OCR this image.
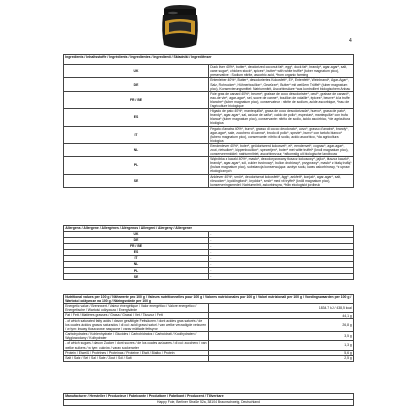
4
Ingredients / Inhaltsstoffe / Ingrédients / Ingredientes / Ingredienti / Składniki / Ingrediënser	
UK	Duck liver 40%*, butter*, deodorized coconut fat*, egg*, duck fat*, brandy*, agar-agar*, salt, cane sugar*, chicken stock*, spices*, butter* with white truffle* (tuber magnatum pico), preservative : Sodium nitrite, ascorbic acid, *from organic farming
DE	Entenleber 40%*, Butter*, desodoriertes Kokosfett*, Ei*, Entenfett*, Weinbrand*, Agar-Agar*, Salz, Rohrucker*, Hühnerbouillon*, Gewürze*, Butter* mit weißem Trüffel* (tuber magnatum pico), Konservierungsmittel: Natriumnitrit, Ascorbinsäure *aus kontrolliert biologischem Anbau
FR / BE	Foie gras de canard 40%*, beurre*, graisse de coco désodorisée*, oeuf*, graisse de canard*, eau-de vie*, agar-agar*, sel, sucre de canne*, bouillon de volaille*, épices*, beurre* à la truffe blanche* (tuber magnatum pico), conservateur : nitrite de sodium, acide ascorbique, *issu de l'agriculture biologique
ES	Hígado de pato 40%*, mantequilla*, grasa de coco desodorizada*, huevo*, grasa de pato*, brandy*, agar-agar*, sal, azúcar de caña*, caldo de pollo*, especias*, mantequilla* con trufa blanca* (tuber magnatum pico), conservante: nitrito de sodio, ácido ascórbico, *de agricultura biológica
IT	Fegato d'anatra 40%*, burro*, grasso di cocco deodorato*, uovo*, grasso d'anatra*, brandy*, agar-agar*, sale, zucchero di canna*, brodo di pollo*, spezie*, burro* con tartufo bianco* (tubero magnatum pico), conservante: nitrito di sodio, acido ascorbico, *da agricoltura biologica
NL	Eendenlever 40%*, boter*, geödoriseerd kokosvet*, ei*, eendenvet*, cognac*, agar-agar*, zout, rietsuiker*, kippenbouillon*, specerijen*, boter* met witte truffel* (knoll magnatum pico), conserveermiddel: natriumnitriet, ascorbinezuur, *afkomstig uit biologische landbouw
PL	Wątróbka z kaczki 40%*, masło*, dezodoryzowany tłuszcz kokosowy*, jajko*, tłuszcz kaczki*, brandy*, agar-agar*, sól, cukier trzcinowy*, bulion drobiowy*, przyprawy*, masło* z białą truflą* (bulwa magnatum pico), substancja konserwująca: azotyn sodu, kwas askorbinowy, *z upraw ekologicznych
SE	Anklever 40%*, smör*, deodoriserat kokosfett*, ägg*, ankfett*, konjak*, agar-agar*, salt, rörsocker*, kycklingfond*, kryddor*, smör* med vit tryffel* (knöll magnatum pico), konserveringsmedel: Natriumnitrit, askorbinsyra, *från ekologiskt jordbruk
Allergens / Allergene / Allergènes / Alérgenos / Allergeni / Alergeny / Allergener	
UK	-
DE	-
FR / BE	-
ES	-
IT	-
NL	-
PL	-
SE	-
Nutritional values per 100 g / Nährwerte pro 100 g / Valeurs nutritionnelles pour 100 g / Valores nutricionales por 100 g / Valori nutrizionali per 100 g / Voedingswaarden per 100 g / Wartości odżywcze na 100 g / Näringsvärde per 100 g	
Energetic value / Brennwert / Valeur énergétique / Valor energético / Valore energetico / Energetische / Wartość odżywcza / Energivärde	1834.7 kJ / 438,5 kcal
Fat / Fett / Matières grasses / Grasa / Grassi / Vet / Tłuszcz / Fett	44,1 g
- of which saturated fatty acids / davon gesättigte Fettsäuren / dont acides gras saturés / de los cuales ácidos grasos saturados / di cui: acidi grassi saturi / van welke verzadigde vetzuren / w tym: kwasy tłuszczowe nasycone / varav mättade fettsyror	26,8 g
Carbohydrates / Kohlenhydrate / Glucides / Carbohidratos / Carboidrati / Koolhydraten / Węglowodany / Kolhydrater	3,5 g
- of which sugars / davon Zucker / dont sucres / de los cuales azúcares / di cui: zucchero / van welke suikers / w tym: cukrów / varav sockerarter	1,3 g
Protein / Eiweiß / Protéines / Proteínas / Proteine / Eiwit / Białko / Protein	5,6 g
Salt / Salz / Sel / Sal / Sale / Zout / Sól / Salt	2,5 g
Manufacturer / Hersteller / Producteur / Fabricante / Produttore / Fabrikant / Producent / Tillverkare
Happy Foie, Berliner Straße 52a, 38104 Braunschweig, Deutschland
